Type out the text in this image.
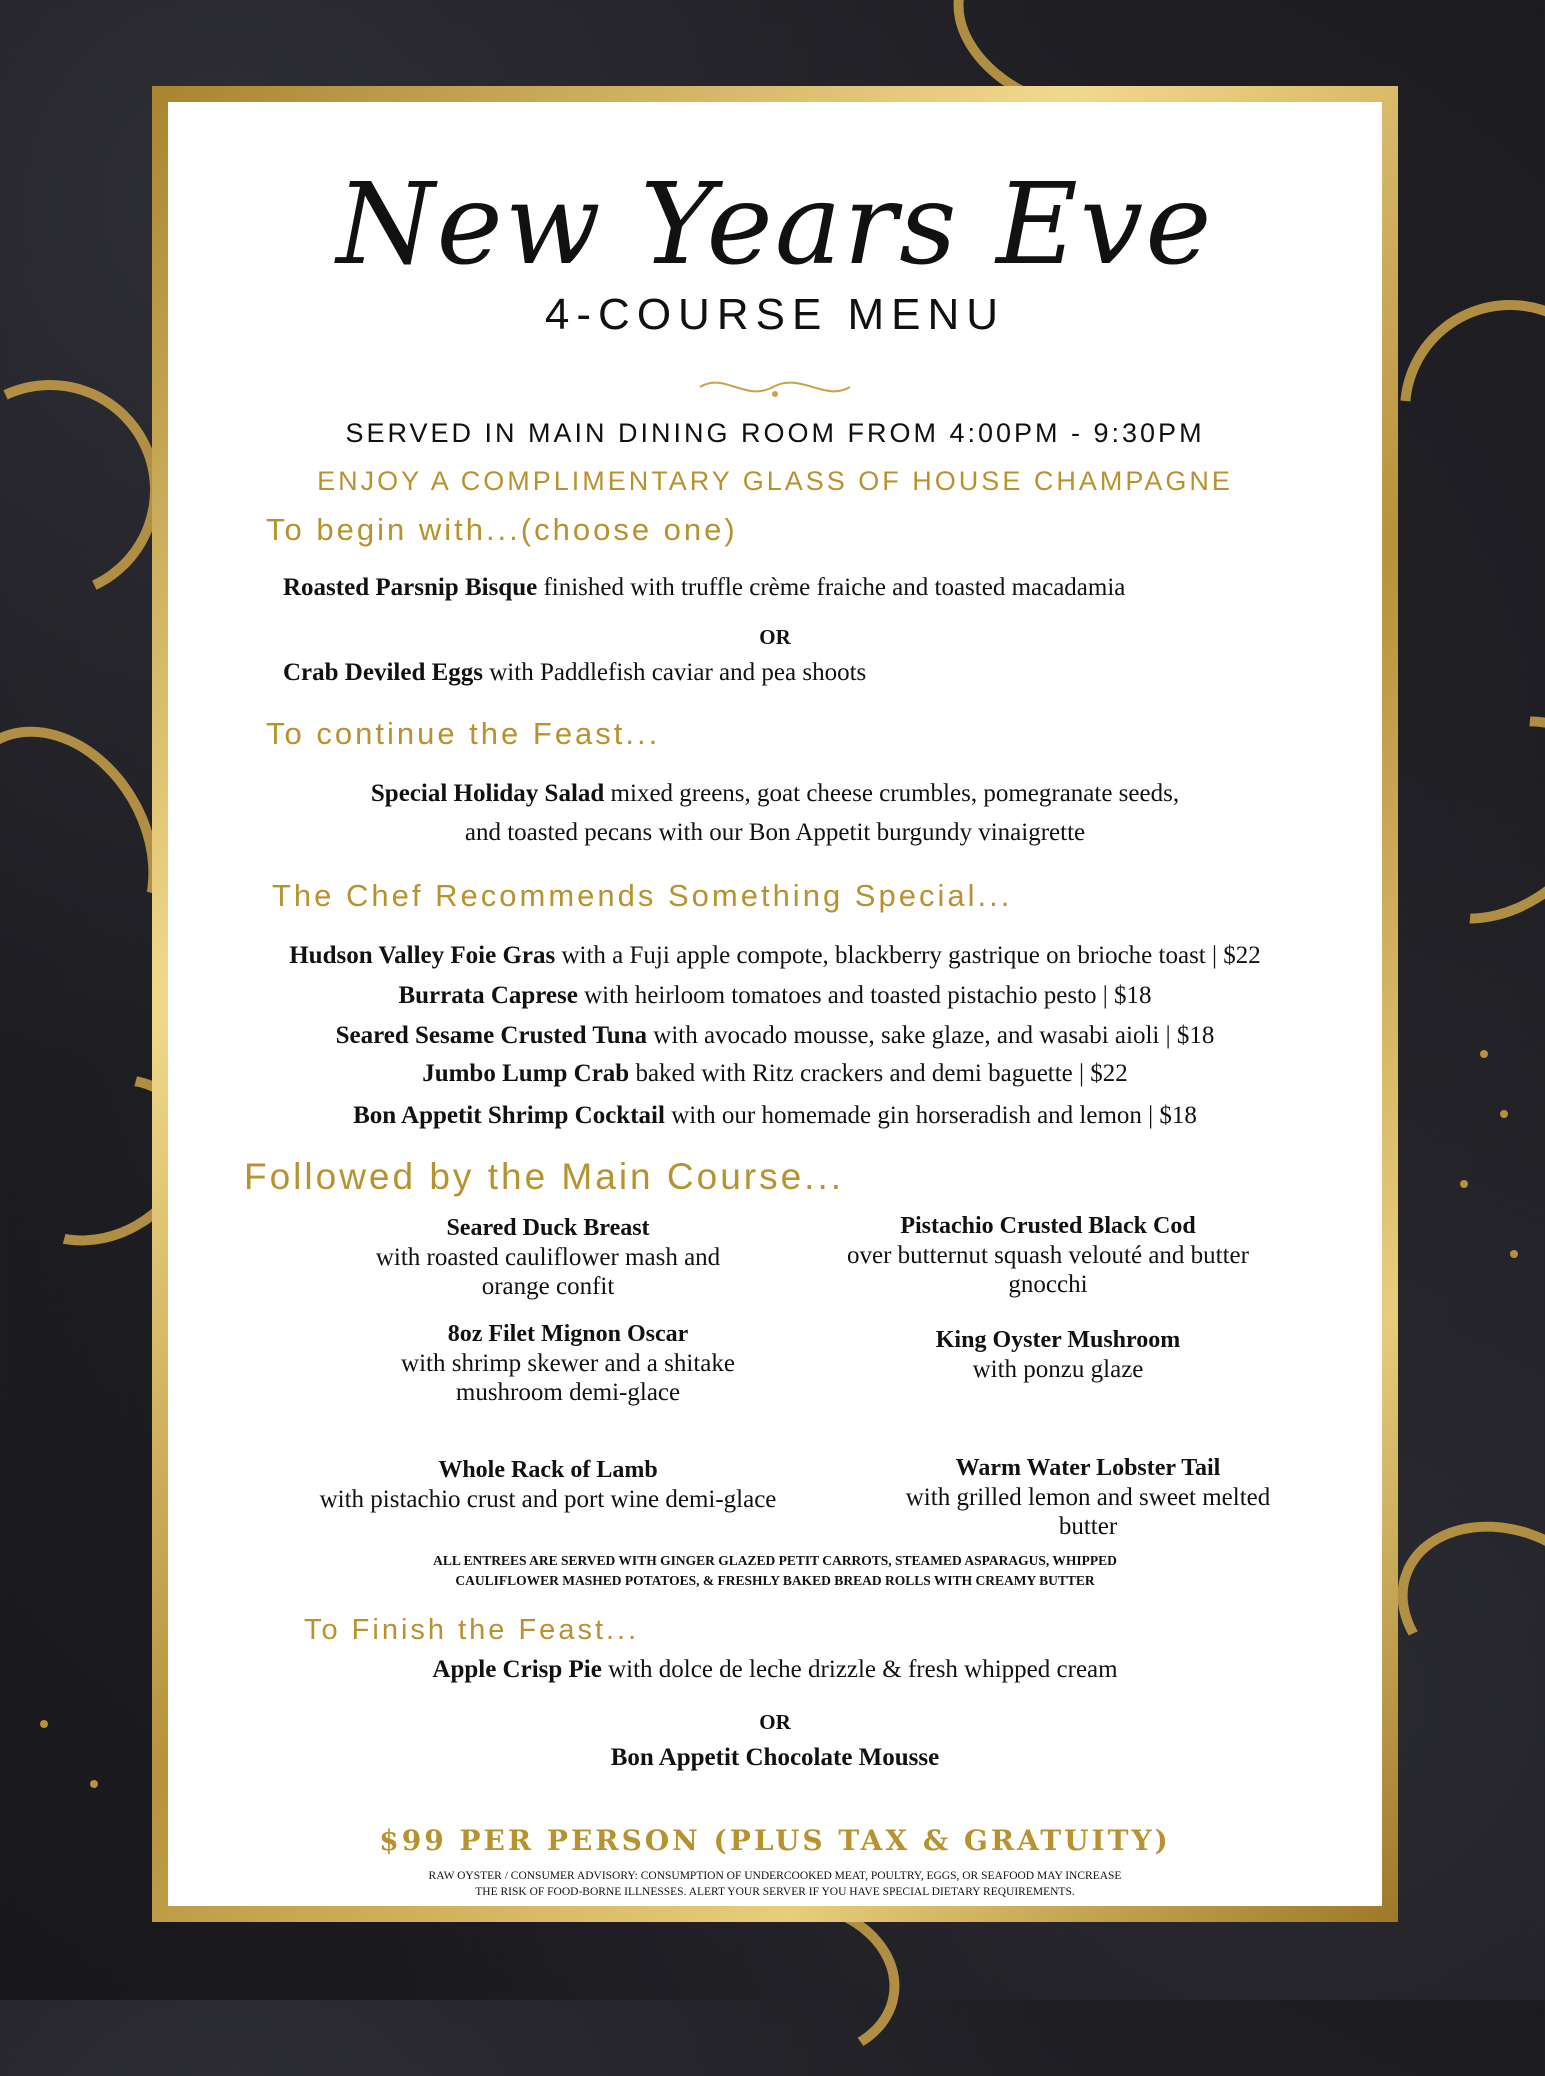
New Years Eve
4-COURSE MENU
SERVED IN MAIN DINING ROOM FROM 4:00PM - 9:30PM
ENJOY A COMPLIMENTARY GLASS OF HOUSE CHAMPAGNE
To begin with...(choose one)
Roasted Parsnip Bisque finished with truffle crème fraiche and toasted macadamia
OR
Crab Deviled Eggs with Paddlefish caviar and pea shoots
To continue the Feast...
Special Holiday Salad mixed greens, goat cheese crumbles, pomegranate seeds,
and toasted pecans with our Bon Appetit burgundy vinaigrette
The Chef Recommends Something Special...
Hudson Valley Foie Gras with a Fuji apple compote, blackberry gastrique on brioche toast | $22
Burrata Caprese with heirloom tomatoes and toasted pistachio pesto | $18
Seared Sesame Crusted Tuna with avocado mousse, sake glaze, and wasabi aioli | $18
Jumbo Lump Crab baked with Ritz crackers and demi baguette | $22
Bon Appetit Shrimp Cocktail with our homemade gin horseradish and lemon | $18
Followed by the Main Course...
Seared Duck Breast
with roasted cauliflower mash and orange confit
Pistachio Crusted Black Cod
over butternut squash velouté and butter gnocchi
8oz Filet Mignon Oscar
with shrimp skewer and a shitake mushroom demi-glace
King Oyster Mushroom
with ponzu glaze
Whole Rack of Lamb
with pistachio crust and port wine demi-glace
Warm Water Lobster Tail
with grilled lemon and sweet melted butter
ALL ENTREES ARE SERVED WITH GINGER GLAZED PETIT CARROTS, STEAMED ASPARAGUS, WHIPPED CAULIFLOWER MASHED POTATOES, & FRESHLY BAKED BREAD ROLLS WITH CREAMY BUTTER
To Finish the Feast...
Apple Crisp Pie with dolce de leche drizzle & fresh whipped cream
OR
Bon Appetit Chocolate Mousse
$99 PER PERSON (PLUS TAX & GRATUITY)
RAW OYSTER / CONSUMER ADVISORY: CONSUMPTION OF UNDERCOOKED MEAT, POULTRY, EGGS, OR SEAFOOD MAY INCREASE THE RISK OF FOOD-BORNE ILLNESSES. ALERT YOUR SERVER IF YOU HAVE SPECIAL DIETARY REQUIREMENTS.
